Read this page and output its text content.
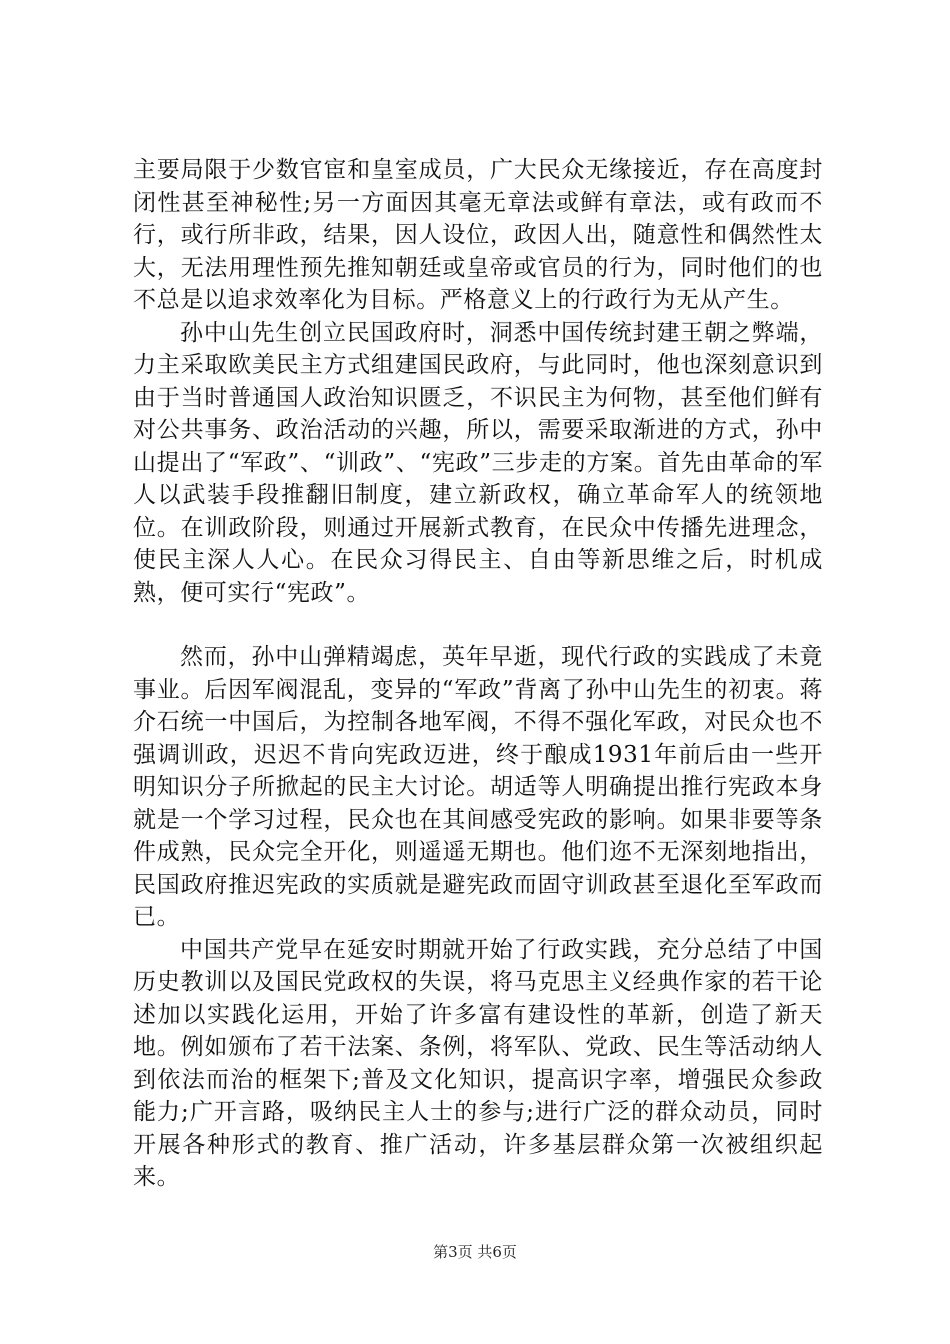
主要局限于少数官宦和皇室成员，广大民众无缘接近，存在高度封闭性甚至神秘性;另一方面因其毫无章法或鲜有章法，或有政而不行，或行所非政，结果，因人设位，政因人出，随意性和偶然性太大，无法用理性预先推知朝廷或皇帝或官员的行为，同时他们的也不总是以追求效率化为目标。严格意义上的行政行为无从产生。

孙中山先生创立民国政府时，洞悉中国传统封建王朝之弊端，力主采取欧美民主方式组建国民政府，与此同时，他也深刻意识到由于当时普通国人政治知识匮乏，不识民主为何物，甚至他们鲜有对公共事务、政治活动的兴趣，所以，需要采取渐进的方式，孙中山提出了“军政”、“训政”、“宪政”三步走的方案。首先由革命的军人以武装手段推翻旧制度，建立新政权，确立革命军人的统领地位。在训政阶段，则通过开展新式教育，在民众中传播先进理念，使民主深人人心。在民众习得民主、自由等新思维之后，时机成熟，便可实行“宪政”。

然而，孙中山弹精竭虑，英年早逝，现代行政的实践成了未竟事业。后因军阀混乱，变异的“军政”背离了孙中山先生的初衷。蒋介石统一中国后，为控制各地军阀，不得不强化军政，对民众也不强调训政，迟迟不肯向宪政迈进，终于酿成1931年前后由一些开明知识分子所掀起的民主大讨论。胡适等人明确提出推行宪政本身就是一个学习过程，民众也在其间感受宪政的影响。如果非要等条件成熟，民众完全开化，则遥遥无期也。他们迩不无深刻地指出，民国政府推迟宪政的实质就是避宪政而固守训政甚至退化至军政而已。

中国共产党早在延安时期就开始了行政实践，充分总结了中国历史教训以及国民党政权的失误，将马克思主义经典作家的若干论述加以实践化运用，开始了许多富有建设性的革新，创造了新天地。例如颁布了若干法案、条例，将军队、党政、民生等活动纳人到依法而治的框架下;普及文化知识，提高识字率，增强民众参政能力;广开言路，吸纳民主人士的参与;进行广泛的群众动员，同时开展各种形式的教育、推广活动，许多基层群众第一次被组织起来。

第3页 共6页
